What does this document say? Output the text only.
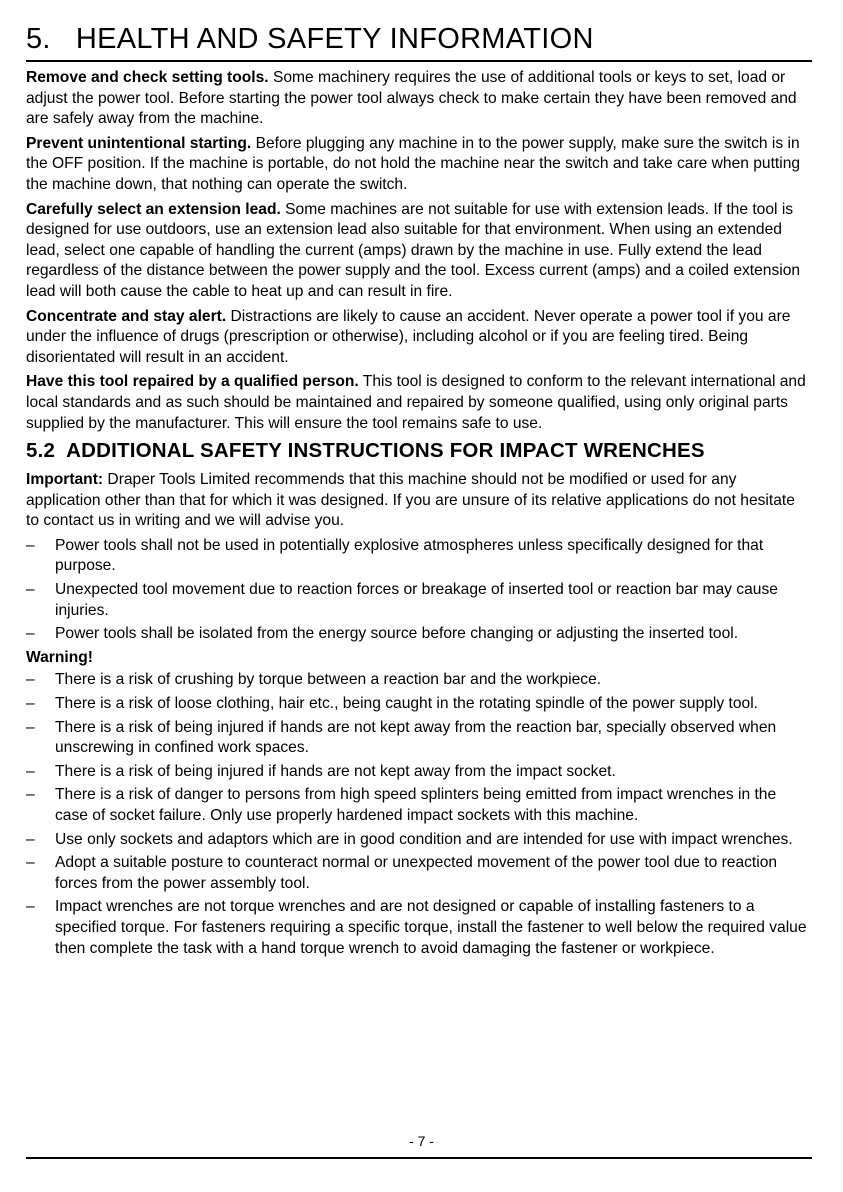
5.   HEALTH AND SAFETY INFORMATION

Remove and check setting tools. Some machinery requires the use of additional tools or keys to set, load or adjust the power tool. Before starting the power tool always check to make certain they have been removed and are safely away from the machine.

Prevent unintentional starting. Before plugging any machine in to the power supply, make sure the switch is in the OFF position. If the machine is portable, do not hold the machine near the switch and take care when putting the machine down, that nothing can operate the switch.

Carefully select an extension lead. Some machines are not suitable for use with extension leads. If the tool is designed for use outdoors, use an extension lead also suitable for that environment. When using an extended lead, select one capable of handling the current (amps) drawn by the machine in use. Fully extend the lead regardless of the distance between the power supply and the tool. Excess current (amps) and a coiled extension lead will both cause the cable to heat up and can result in fire.

Concentrate and stay alert. Distractions are likely to cause an accident. Never operate a power tool if you are under the influence of drugs (prescription or otherwise), including alcohol or if you are feeling tired. Being disorientated will result in an accident.

Have this tool repaired by a qualified person. This tool is designed to conform to the relevant international and local standards and as such should be maintained and repaired by someone qualified, using only original parts supplied by the manufacturer. This will ensure the tool remains safe to use.

5.2  ADDITIONAL SAFETY INSTRUCTIONS FOR IMPACT WRENCHES

Important: Draper Tools Limited recommends that this machine should not be modified or used for any application other than that for which it was designed. If you are unsure of its relative applications do not hesitate to contact us in writing and we will advise you.

– Power tools shall not be used in potentially explosive atmospheres unless specifically designed for that purpose.
– Unexpected tool movement due to reaction forces or breakage of inserted tool or reaction bar may cause injuries.
– Power tools shall be isolated from the energy source before changing or adjusting the inserted tool.

Warning!

– There is a risk of crushing by torque between a reaction bar and the workpiece.
– There is a risk of loose clothing, hair etc., being caught in the rotating spindle of the power supply tool.
– There is a risk of being injured if hands are not kept away from the reaction bar, specially observed when unscrewing in confined work spaces.
– There is a risk of being injured if hands are not kept away from the impact socket.
– There is a risk of danger to persons from high speed splinters being emitted from impact wrenches in the case of socket failure. Only use properly hardened impact sockets with this machine.
– Use only sockets and adaptors which are in good condition and are intended for use with impact wrenches.
– Adopt a suitable posture to counteract normal or unexpected movement of the power tool due to reaction forces from the power assembly tool.
– Impact wrenches are not torque wrenches and are not designed or capable of installing fasteners to a specified torque. For fasteners requiring a specific torque, install the fastener to well below the required value then complete the task with a hand torque wrench to avoid damaging the fastener or workpiece.
- 7 -
